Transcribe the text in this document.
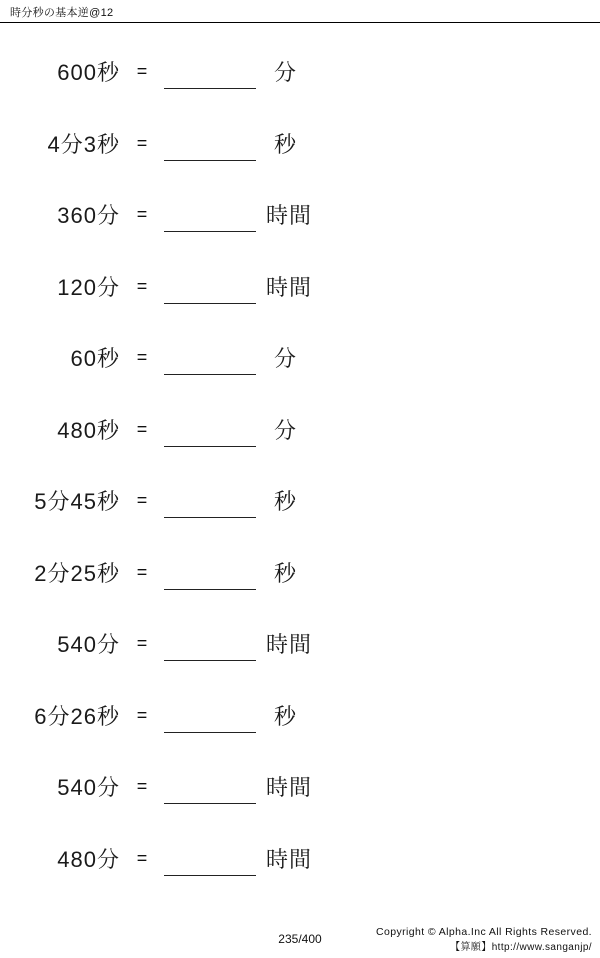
時分秒の基本逆@12
600秒 =	分
4分3秒 =	秒
360分 =	時間
120分 =	時間
60秒 =	分
480秒 =	分
5分45秒 =	秒
2分25秒 =	秒
540分 =	時間
6分26秒 =	秒
540分 =	時間
480分 =	時間
235/400	Copyright © Alpha.Inc All Rights Reserved.
【算願】http://www.sanganjp/
